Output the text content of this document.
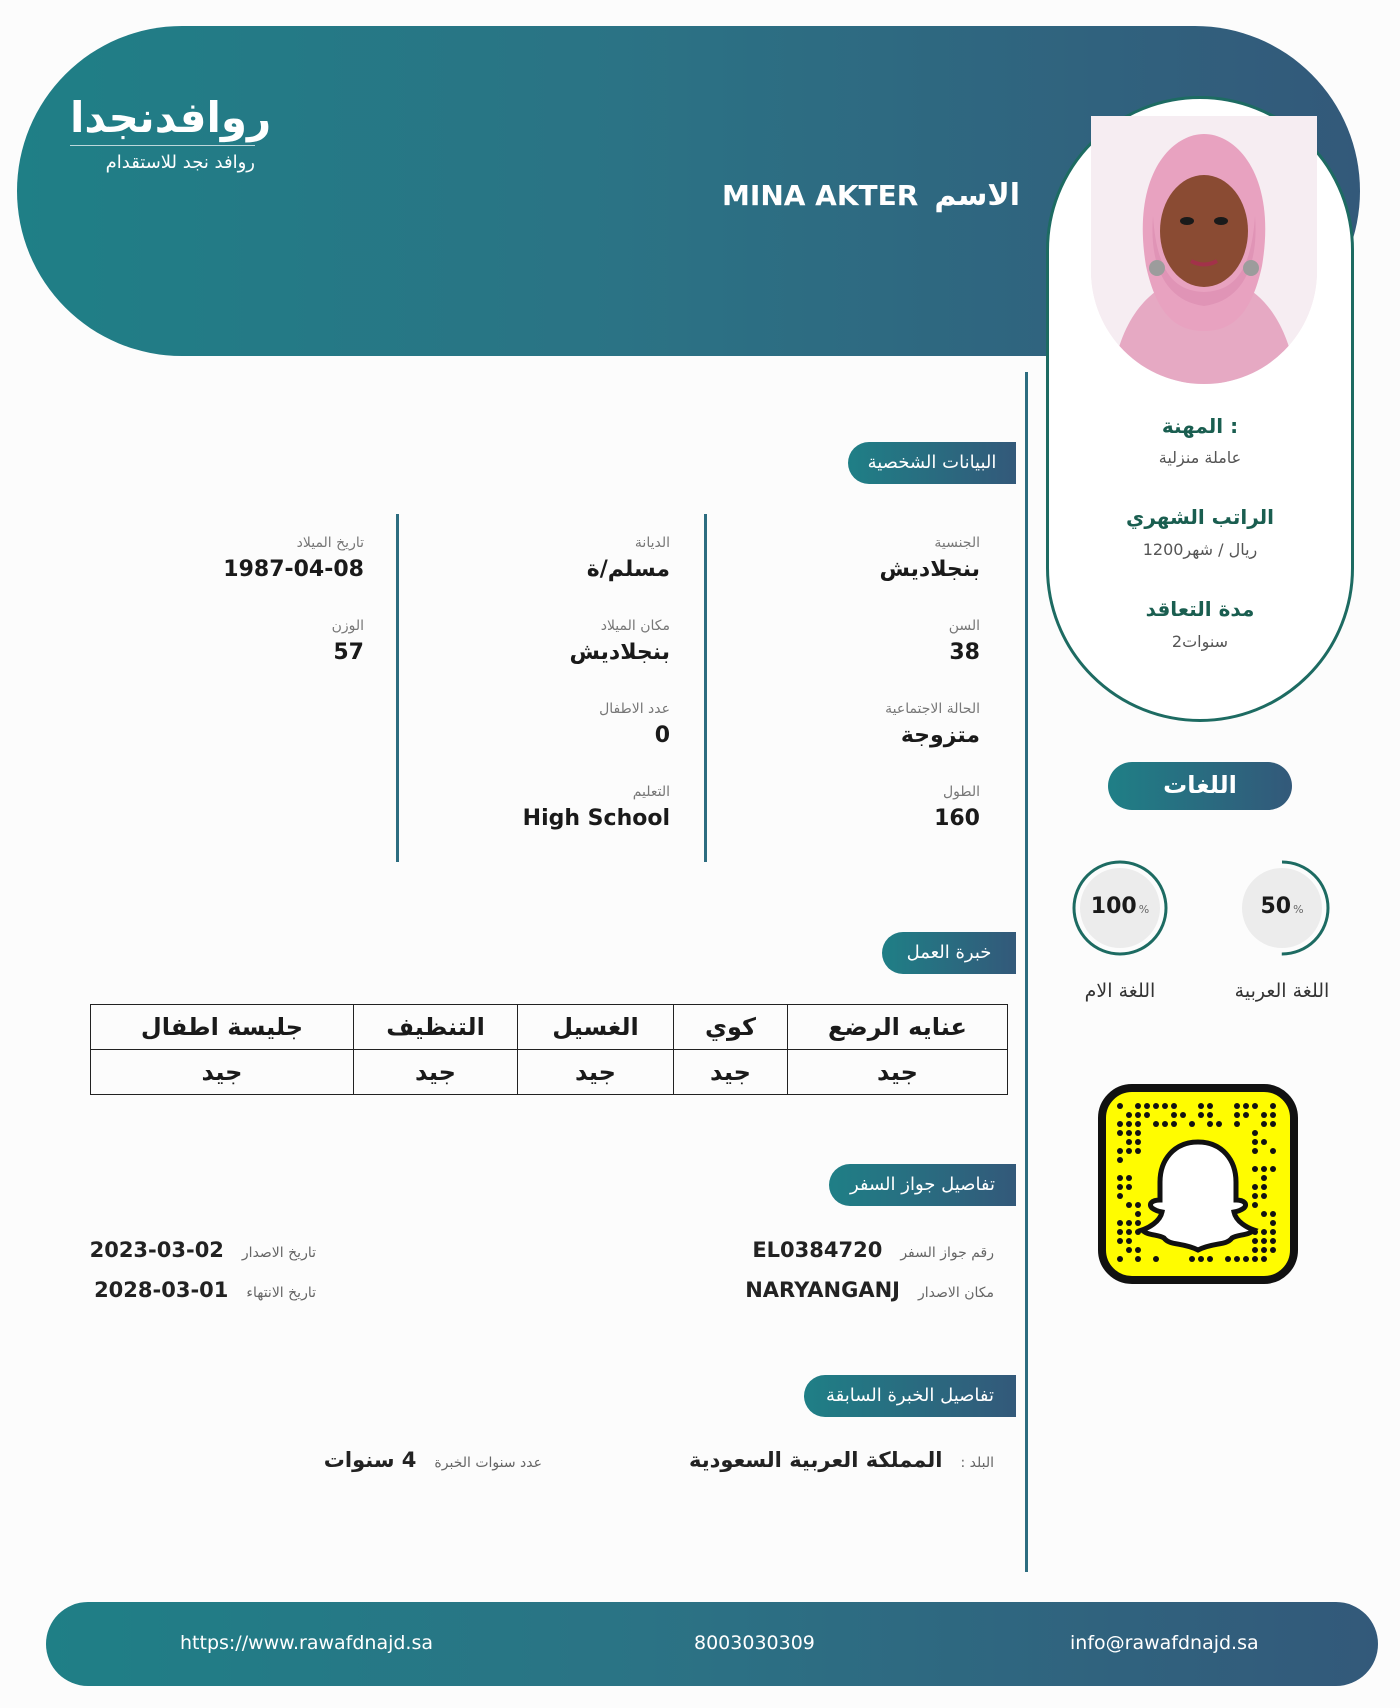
روافدنجدا
روافد نجد للاستقدام
الاسم
MINA AKTER
المهنة :
عاملة منزلية
الراتب الشهري
1200ريال / شهر
مدة التعاقد
2سنوات
اللغات
50 %
اللغة العربية
100 %
اللغة الام
البيانات الشخصية
الجنسية
بنجلاديش
السن
38
الحالة الاجتماعية
متزوجة
الطول
160
الديانة
مسلم/ة
مكان الميلاد
بنجلاديش
عدد الاطفال
0
التعليم
High School
تاريخ الميلاد
1987-04-08
الوزن
57
خبرة العمل
عنايه الرضع	كوي	الغسيل	التنظيف	جليسة اطفال
جيد	جيد	جيد	جيد	جيد
تفاصيل جواز السفر
رقم جواز السفر
EL0384720
مكان الاصدار
NARYANGANJ
تاريخ الاصدار
2023-03-02
تاريخ الانتهاء
2028-03-01
تفاصيل الخبرة السابقة
البلد :
المملكة العربية السعودية
عدد سنوات الخبرة
4 سنوات
https://www.rawafdnajd.sa	8003030309	info@rawafdnajd.sa
